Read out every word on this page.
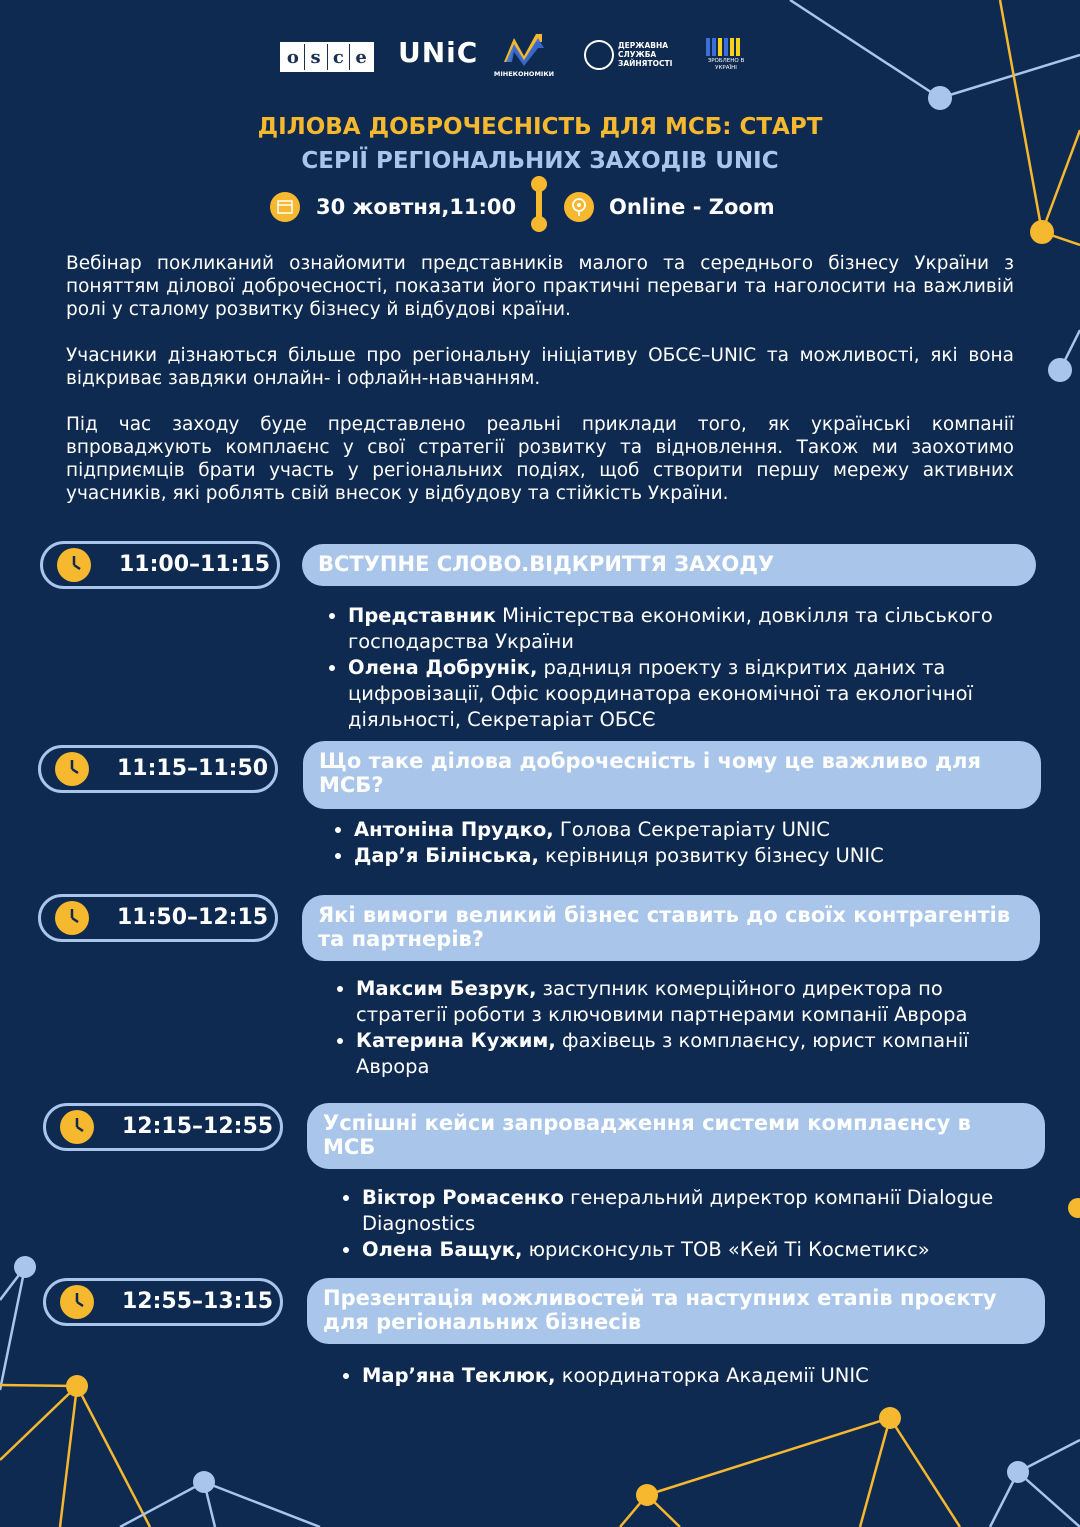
o s c e UNiC
МІНЕКОНОМІКИ
ДЕРЖАВНА СЛУЖБА ЗАЙНЯТОСТІ	ЗРОБЛЕНО В УКРАЇНІ
ДІЛОВА ДОБРОЧЕСНІСТЬ ДЛЯ МСБ: СТАРТ
СЕРІЇ РЕГІОНАЛЬНИХ ЗАХОДІВ UNIC
30 жовтня,11:00	Online - Zoom

Вебінар покликаний ознайомити представників малого та середнього бізнесу України з поняттям ділової доброчесності, показати його практичні переваги та наголосити на важливій ролі у сталому розвитку бізнесу й відбудові країни.

Учасники дізнаються більше про регіональну ініціативу ОБСЄ–UNIC та можливості, які вона відкриває завдяки онлайн- і офлайн-навчанням.

Під час заходу буде представлено реальні приклади того, як українські компанії впроваджують комплаєнс у свої стратегії розвитку та відновлення. Також ми заохотимо підприємців брати участь у регіональних подіях, щоб створити першу мережу активних учасників, які роблять свій внесок у відбудову та стійкість України.

11:00–11:15	ВСТУПНЕ СЛОВО.ВІДКРИТТЯ ЗАХОДУ
• Представник Міністерства економіки, довкілля та сільського господарства України
• Олена Добрунік, радниця проекту з відкритих даних та цифровізації, Офіс координатора економічної та екологічної діяльності, Секретаріат ОБСЄ
11:15–11:50	Що таке ділова доброчесність і чому це важливо для МСБ?
• Антоніна Прудко, Голова Секретаріату UNIC
• Дар’я Білінська, керівниця розвитку бізнесу UNIC
11:50–12:15	Які вимоги великий бізнес ставить до своїх контрагентів та партнерів?
• Максим Безрук, заступник комерційного директора по стратегії роботи з ключовими партнерами компанії Аврора
• Катерина Кужим, фахівець з комплаєнсу, юрист компанії Аврора
12:15–12:55	Успішні кейси запровадження системи комплаєнсу в МСБ
• Віктор Ромасенко генеральний директор компанії Dialogue Diagnostics
• Олена Бащук, юрисконсульт ТОВ «Кей Ті Косметикс»
12:55–13:15	Презентація можливостей та наступних етапів проєкту для регіональних бізнесів
• Мар’яна Теклюк, координаторка Академії UNIC
